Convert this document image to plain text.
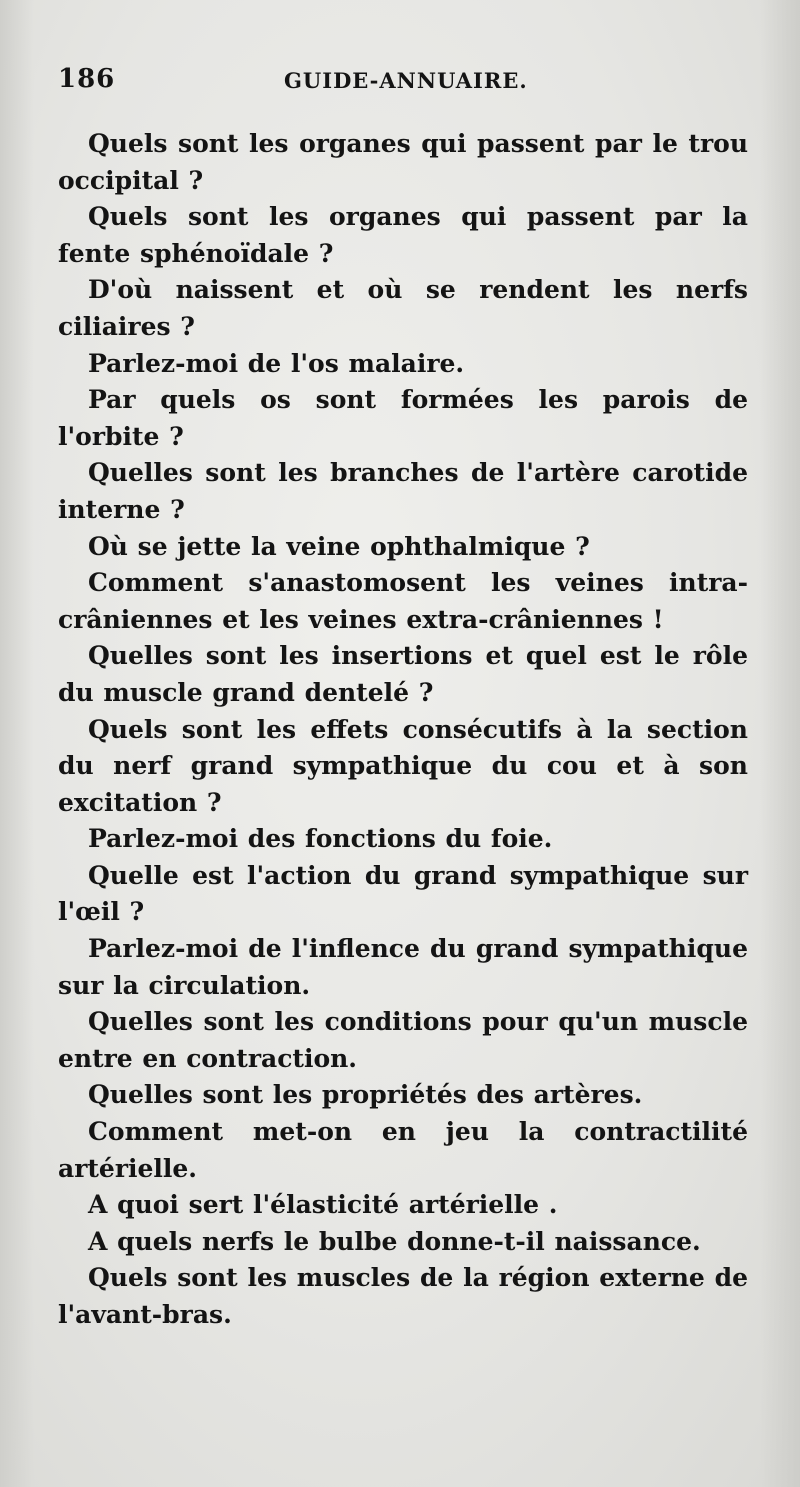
186	GUIDE-ANNUAIRE.
Quels sont les organes qui passent par le trou occipital ?
Quels sont les organes qui passent par la fente sphénoïdale ?
D'où naissent et où se rendent les nerfs ciliaires ?
Parlez-moi de l'os malaire.
Par quels os sont formées les parois de l'orbite ?
Quelles sont les branches de l'artère carotide interne ?
Où se jette la veine ophthalmique ?
Comment s'anastomosent les veines intra-crâniennes et les veines extra-crâniennes !
Quelles sont les insertions et quel est le rôle du muscle grand dentelé ?
Quels sont les effets consécutifs à la section du nerf grand sympathique du cou et à son excitation ?
Parlez-moi des fonctions du foie.
Quelle est l'action du grand sympathique sur l'œil ?
Parlez-moi de l'inflence du grand sympathique sur la circulation.
Quelles sont les conditions pour qu'un muscle entre en contraction.
Quelles sont les propriétés des artères.
Comment met-on en jeu la contractilité artérielle.
A quoi sert l'élasticité artérielle .
A quels nerfs le bulbe donne-t-il naissance.
Quels sont les muscles de la région externe de l'avant-bras.
